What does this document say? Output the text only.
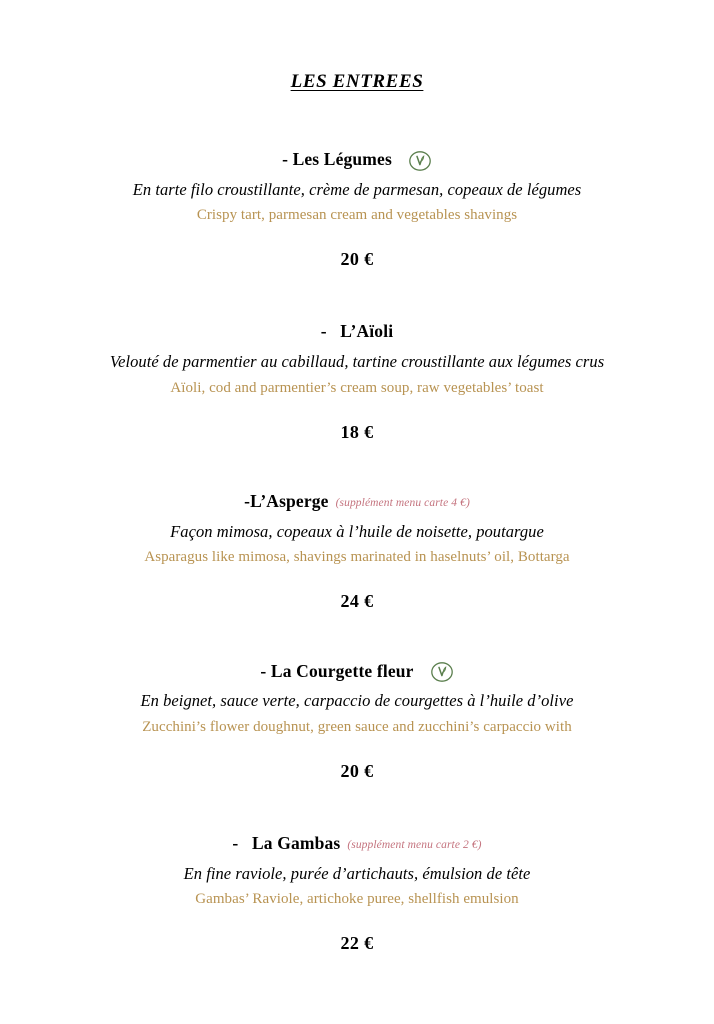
LES ENTREES
- Les Légumes
En tarte filo croustillante, crème de parmesan, copeaux de légumes
Crispy tart, parmesan cream and vegetables shavings
20 €
-   L’Aïoli
Velouté de parmentier au cabillaud, tartine croustillante aux légumes crus
Aïoli, cod and parmentier’s cream soup, raw vegetables’ toast
18 €
-L’Asperge (supplément menu carte 4 €)
Façon mimosa, copeaux à l’huile de noisette, poutargue
Asparagus like mimosa, shavings marinated in haselnuts’ oil, Bottarga
24 €
- La Courgette fleur
En beignet, sauce verte, carpaccio de courgettes à l’huile d’olive
Zucchini’s flower doughnut, green sauce and zucchini’s carpaccio with
20 €
-   La Gambas (supplément menu carte 2 €)
En fine raviole, purée d’artichauts, émulsion de tête
Gambas’ Raviole, artichoke puree, shellfish emulsion
22 €
